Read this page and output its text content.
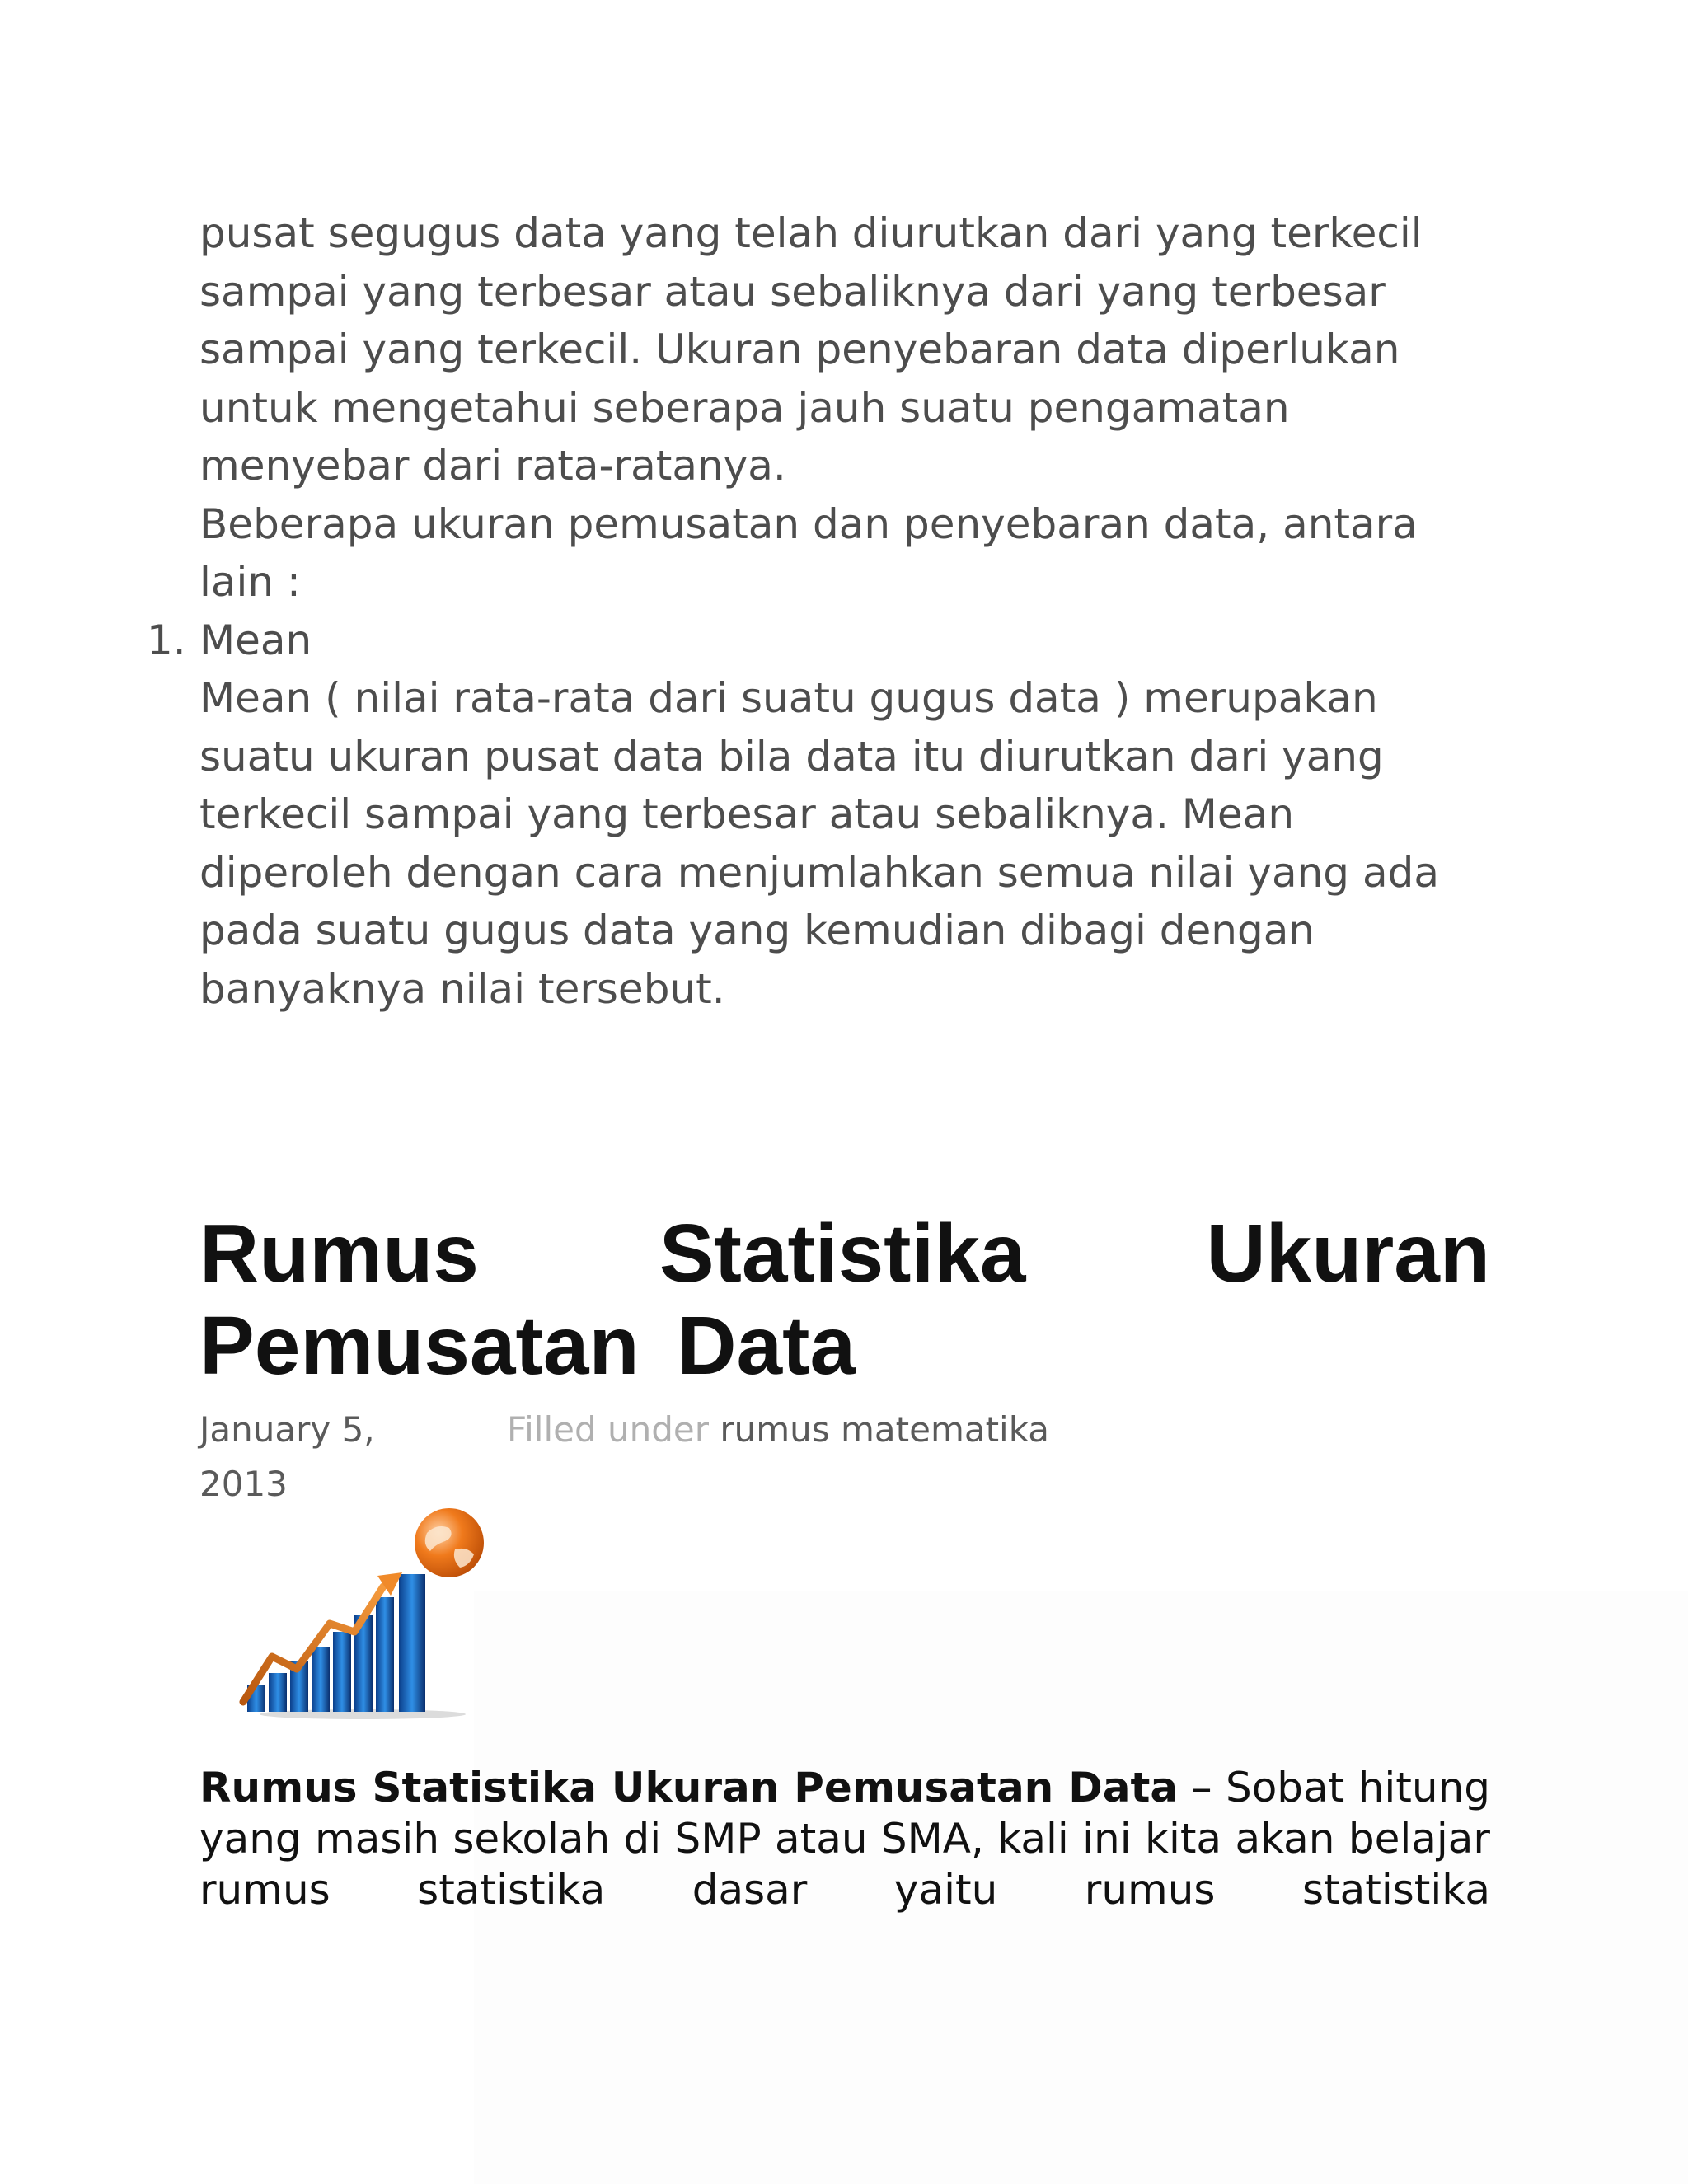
pusat segugus data yang telah diurutkan dari yang terkecil sampai yang terbesar atau sebaliknya dari yang terbesar sampai yang terkecil. Ukuran penyebaran data diperlukan untuk mengetahui seberapa jauh suatu pengamatan menyebar dari rata-ratanya.

Beberapa ukuran pemusatan dan penyebaran data, antara lain :

1. Mean

Mean ( nilai rata-rata dari suatu gugus data ) merupakan suatu ukuran pusat data bila data itu diurutkan dari yang terkecil sampai yang terbesar atau sebaliknya. Mean diperoleh dengan cara menjumlahkan semua nilai yang ada pada suatu gugus data yang kemudian dibagi dengan banyaknya nilai tersebut.

Rumus Statistika Ukuran Pemusatan Data
January 5,
2013
Filled under rumus matematika
Rumus Statistika Ukuran Pemusatan Data – Sobat hitung yang masih sekolah di SMP atau SMA, kali ini kita akan belajar rumus statistika dasar yaitu rumus statistika
